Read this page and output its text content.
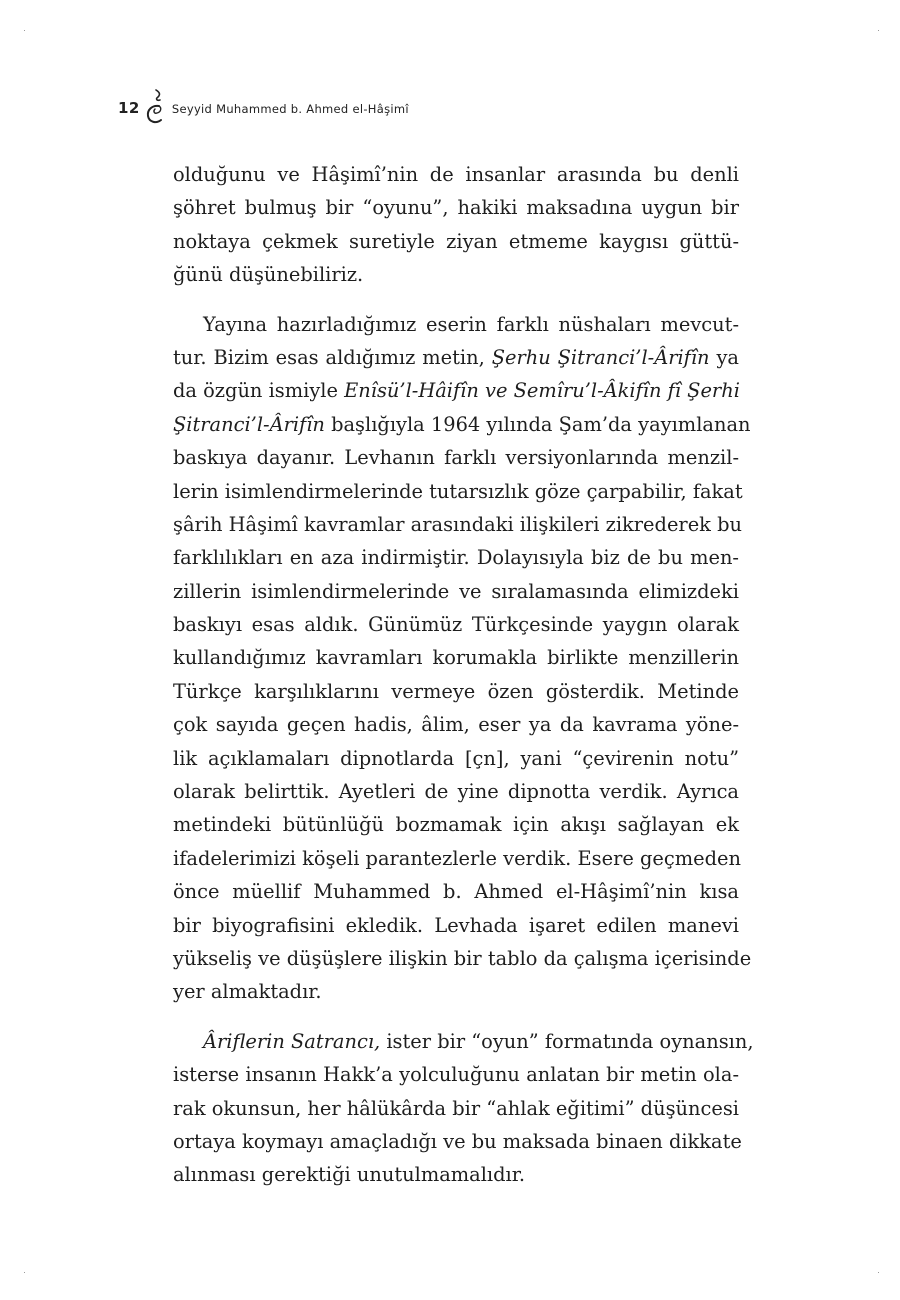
12	Seyyid Muhammed b. Ahmed el-Hâşimî
olduğunu ve Hâşimî’nin de insanlar arasında bu denli
şöhret bulmuş bir “oyunu”, hakiki maksadına uygun bir
noktaya çekmek suretiyle ziyan etmeme kaygısı güttü-
ğünü düşünebiliriz.
Yayına hazırladığımız eserin farklı nüshaları mevcut-
tur. Bizim esas aldığımız metin, Şerhu Şitranci’l-Ârifîn ya
da özgün ismiyle Enîsü’l-Hâifîn ve Semîru’l-Âkifîn fî Şerhi
Şitranci’l-Ârifîn başlığıyla 1964 yılında Şam’da yayımlanan
baskıya dayanır. Levhanın farklı versiyonlarında menzil-
lerin isimlendirmelerinde tutarsızlık göze çarpabilir, fakat
şârih Hâşimî kavramlar arasındaki ilişkileri zikrederek bu
farklılıkları en aza indirmiştir. Dolayısıyla biz de bu men-
zillerin isimlendirmelerinde ve sıralamasında elimizdeki
baskıyı esas aldık. Günümüz Türkçesinde yaygın olarak
kullandığımız kavramları korumakla birlikte menzillerin
Türkçe karşılıklarını vermeye özen gösterdik. Metinde
çok sayıda geçen hadis, âlim, eser ya da kavrama yöne-
lik açıklamaları dipnotlarda [çn], yani “çevirenin notu”
olarak belirttik. Ayetleri de yine dipnotta verdik. Ayrıca
metindeki bütünlüğü bozmamak için akışı sağlayan ek
ifadelerimizi köşeli parantezlerle verdik. Esere geçmeden
önce müellif Muhammed b. Ahmed el-Hâşimî’nin kısa
bir biyografisini ekledik. Levhada işaret edilen manevi
yükseliş ve düşüşlere ilişkin bir tablo da çalışma içerisinde
yer almaktadır.
Âriflerin Satrancı, ister bir “oyun” formatında oynansın,
isterse insanın Hakk’a yolculuğunu anlatan bir metin ola-
rak okunsun, her hâlükârda bir “ahlak eğitimi” düşüncesi
ortaya koymayı amaçladığı ve bu maksada binaen dikkate
alınması gerektiği unutulmamalıdır.
